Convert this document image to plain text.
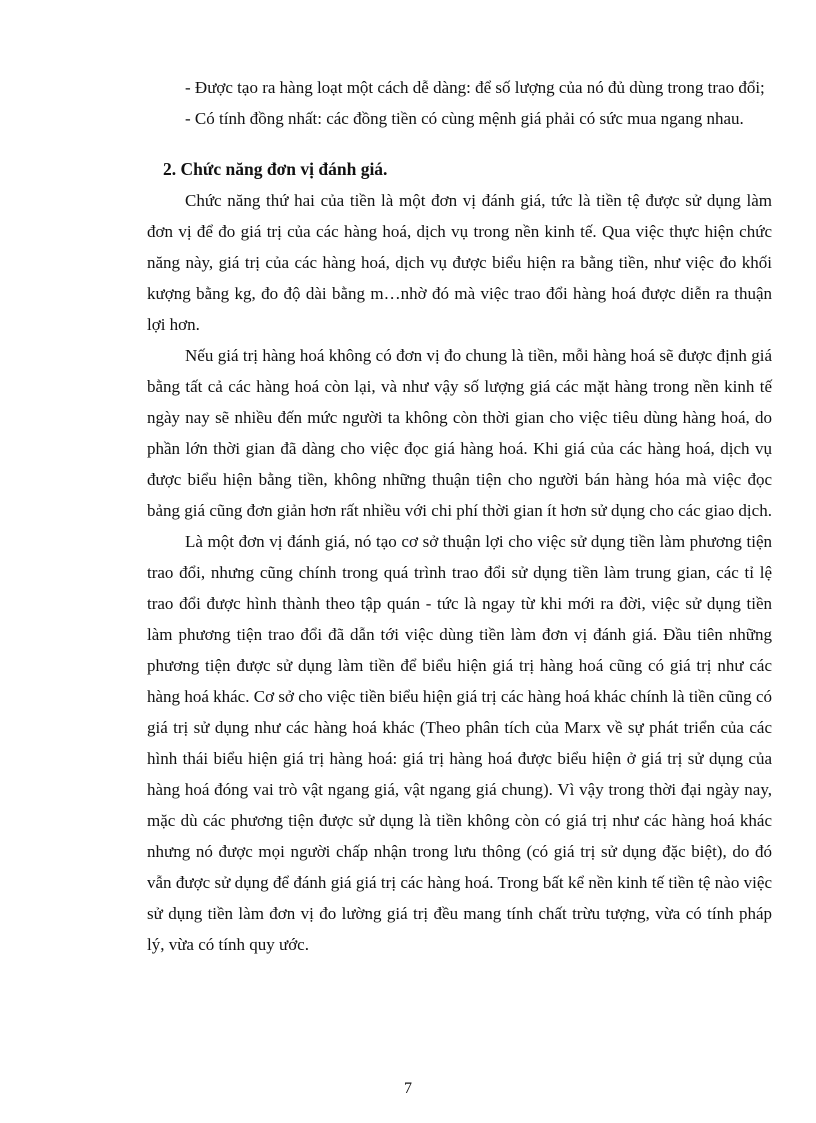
- Được tạo ra hàng loạt một cách dễ dàng: để số lượng của nó đủ dùng trong trao đổi;

- Có tính đồng nhất: các đồng tiền có cùng mệnh giá phải có sức mua ngang nhau.

2. Chức năng đơn vị đánh giá.

Chức năng thứ hai của tiền là một đơn vị đánh giá, tức là tiền tệ được sử dụng làm đơn vị để đo giá trị của các hàng hoá, dịch vụ trong nền kinh tế. Qua việc thực hiện chức năng này, giá trị của các hàng hoá, dịch vụ được biểu hiện ra bằng tiền, như việc đo khối kượng bằng kg, đo độ dài bằng m…nhờ đó mà việc trao đổi hàng hoá được diễn ra thuận lợi hơn.

Nếu giá trị hàng hoá không có đơn vị đo chung là tiền, mỗi hàng hoá sẽ được định giá bằng tất cả các hàng hoá còn lại, và như vậy số lượng giá các mặt hàng trong nền kinh tế ngày nay sẽ nhiều đến mức người ta không còn thời gian cho việc tiêu dùng hàng hoá, do phần lớn thời gian đã dàng cho việc đọc giá hàng hoá. Khi giá của các hàng hoá, dịch vụ được biểu hiện bằng tiền, không những thuận tiện cho người bán hàng hóa mà việc đọc bảng giá cũng đơn giản hơn rất nhiều với chi phí thời gian ít hơn sử dụng cho các giao dịch.

Là một đơn vị đánh giá, nó tạo cơ sở thuận lợi cho việc sử dụng tiền làm phương tiện trao đổi, nhưng cũng chính trong quá trình trao đổi sử dụng tiền làm trung gian, các tỉ lệ trao đổi được hình thành theo tập quán - tức là ngay từ khi mới ra đời, việc sử dụng tiền làm phương tiện trao đổi đã dẫn tới việc dùng tiền làm đơn vị đánh giá. Đầu tiên những phương tiện được sử dụng làm tiền để biểu hiện giá trị hàng hoá cũng có giá trị như các hàng hoá khác. Cơ sở cho việc tiền biểu hiện giá trị các hàng hoá khác chính là tiền cũng có giá trị sử dụng như các hàng hoá khác (Theo phân tích của Marx về sự phát triển của các hình thái biểu hiện giá trị hàng hoá: giá trị hàng hoá được biểu hiện ở giá trị sử dụng của hàng hoá đóng vai trò vật ngang giá, vật ngang giá chung). Vì vậy trong thời đại ngày nay, mặc dù các phương tiện được sử dụng là tiền không còn có giá trị như các hàng hoá khác nhưng nó được mọi người chấp nhận trong lưu thông (có giá trị sử dụng đặc biệt), do đó vẫn được sử dụng để đánh giá giá trị các hàng hoá. Trong bất kể nền kinh tế tiền tệ nào việc sử dụng tiền làm đơn vị đo lường giá trị đều mang tính chất trừu tượng, vừa có tính pháp lý, vừa có tính quy ước.

7
